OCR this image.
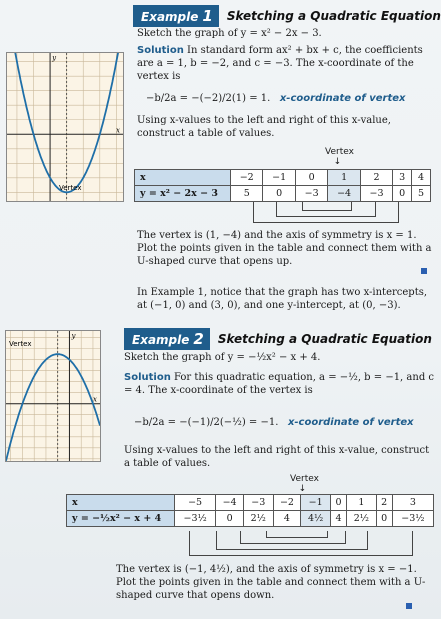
Example 1	Sketching a Quadratic Equation
Sketch the graph of y = x² − 2x − 3.
Solution In standard form ax² + bx + c, the coefficients are a = 1, b = −2, and c = −3. The x-coordinate of the vertex is
−b/2a = −(−2)/2(1) = 1. x-coordinate of vertex
Using x-values to the left and right of this x-value, construct a table of values.
Vertex
↓
x	−2	−1	0	1	2	3	4
y = x² − 2x − 3	5	0	−3	−4	−3	0	5
The vertex is (1, −4) and the axis of symmetry is x = 1. Plot the points given in the table and connect them with a U-shaped curve that opens up.
In Example 1, notice that the graph has two x-intercepts, at (−1, 0) and (3, 0), and one y-intercept, at (0, −3).
x
y
Vertex
Example 2	Sketching a Quadratic Equation
Sketch the graph of y = −½x² − x + 4.
Solution For this quadratic equation, a = −½, b = −1, and c = 4. The x-coordinate of the vertex is
−b/2a = −(−1)/2(−½) = −1. x-coordinate of vertex
Using x-values to the left and right of this x-value, construct a table of values.
Vertex
↓
x	−5	−4	−3	−2	−1	0	1	2	3
y = −½x² − x + 4	−3½	0	2½	4	4½	4	2½	0	−3½
The vertex is (−1, 4½), and the axis of symmetry is x = −1. Plot the points given in the table and connect them with a U-shaped curve that opens down.
x
y
Vertex
